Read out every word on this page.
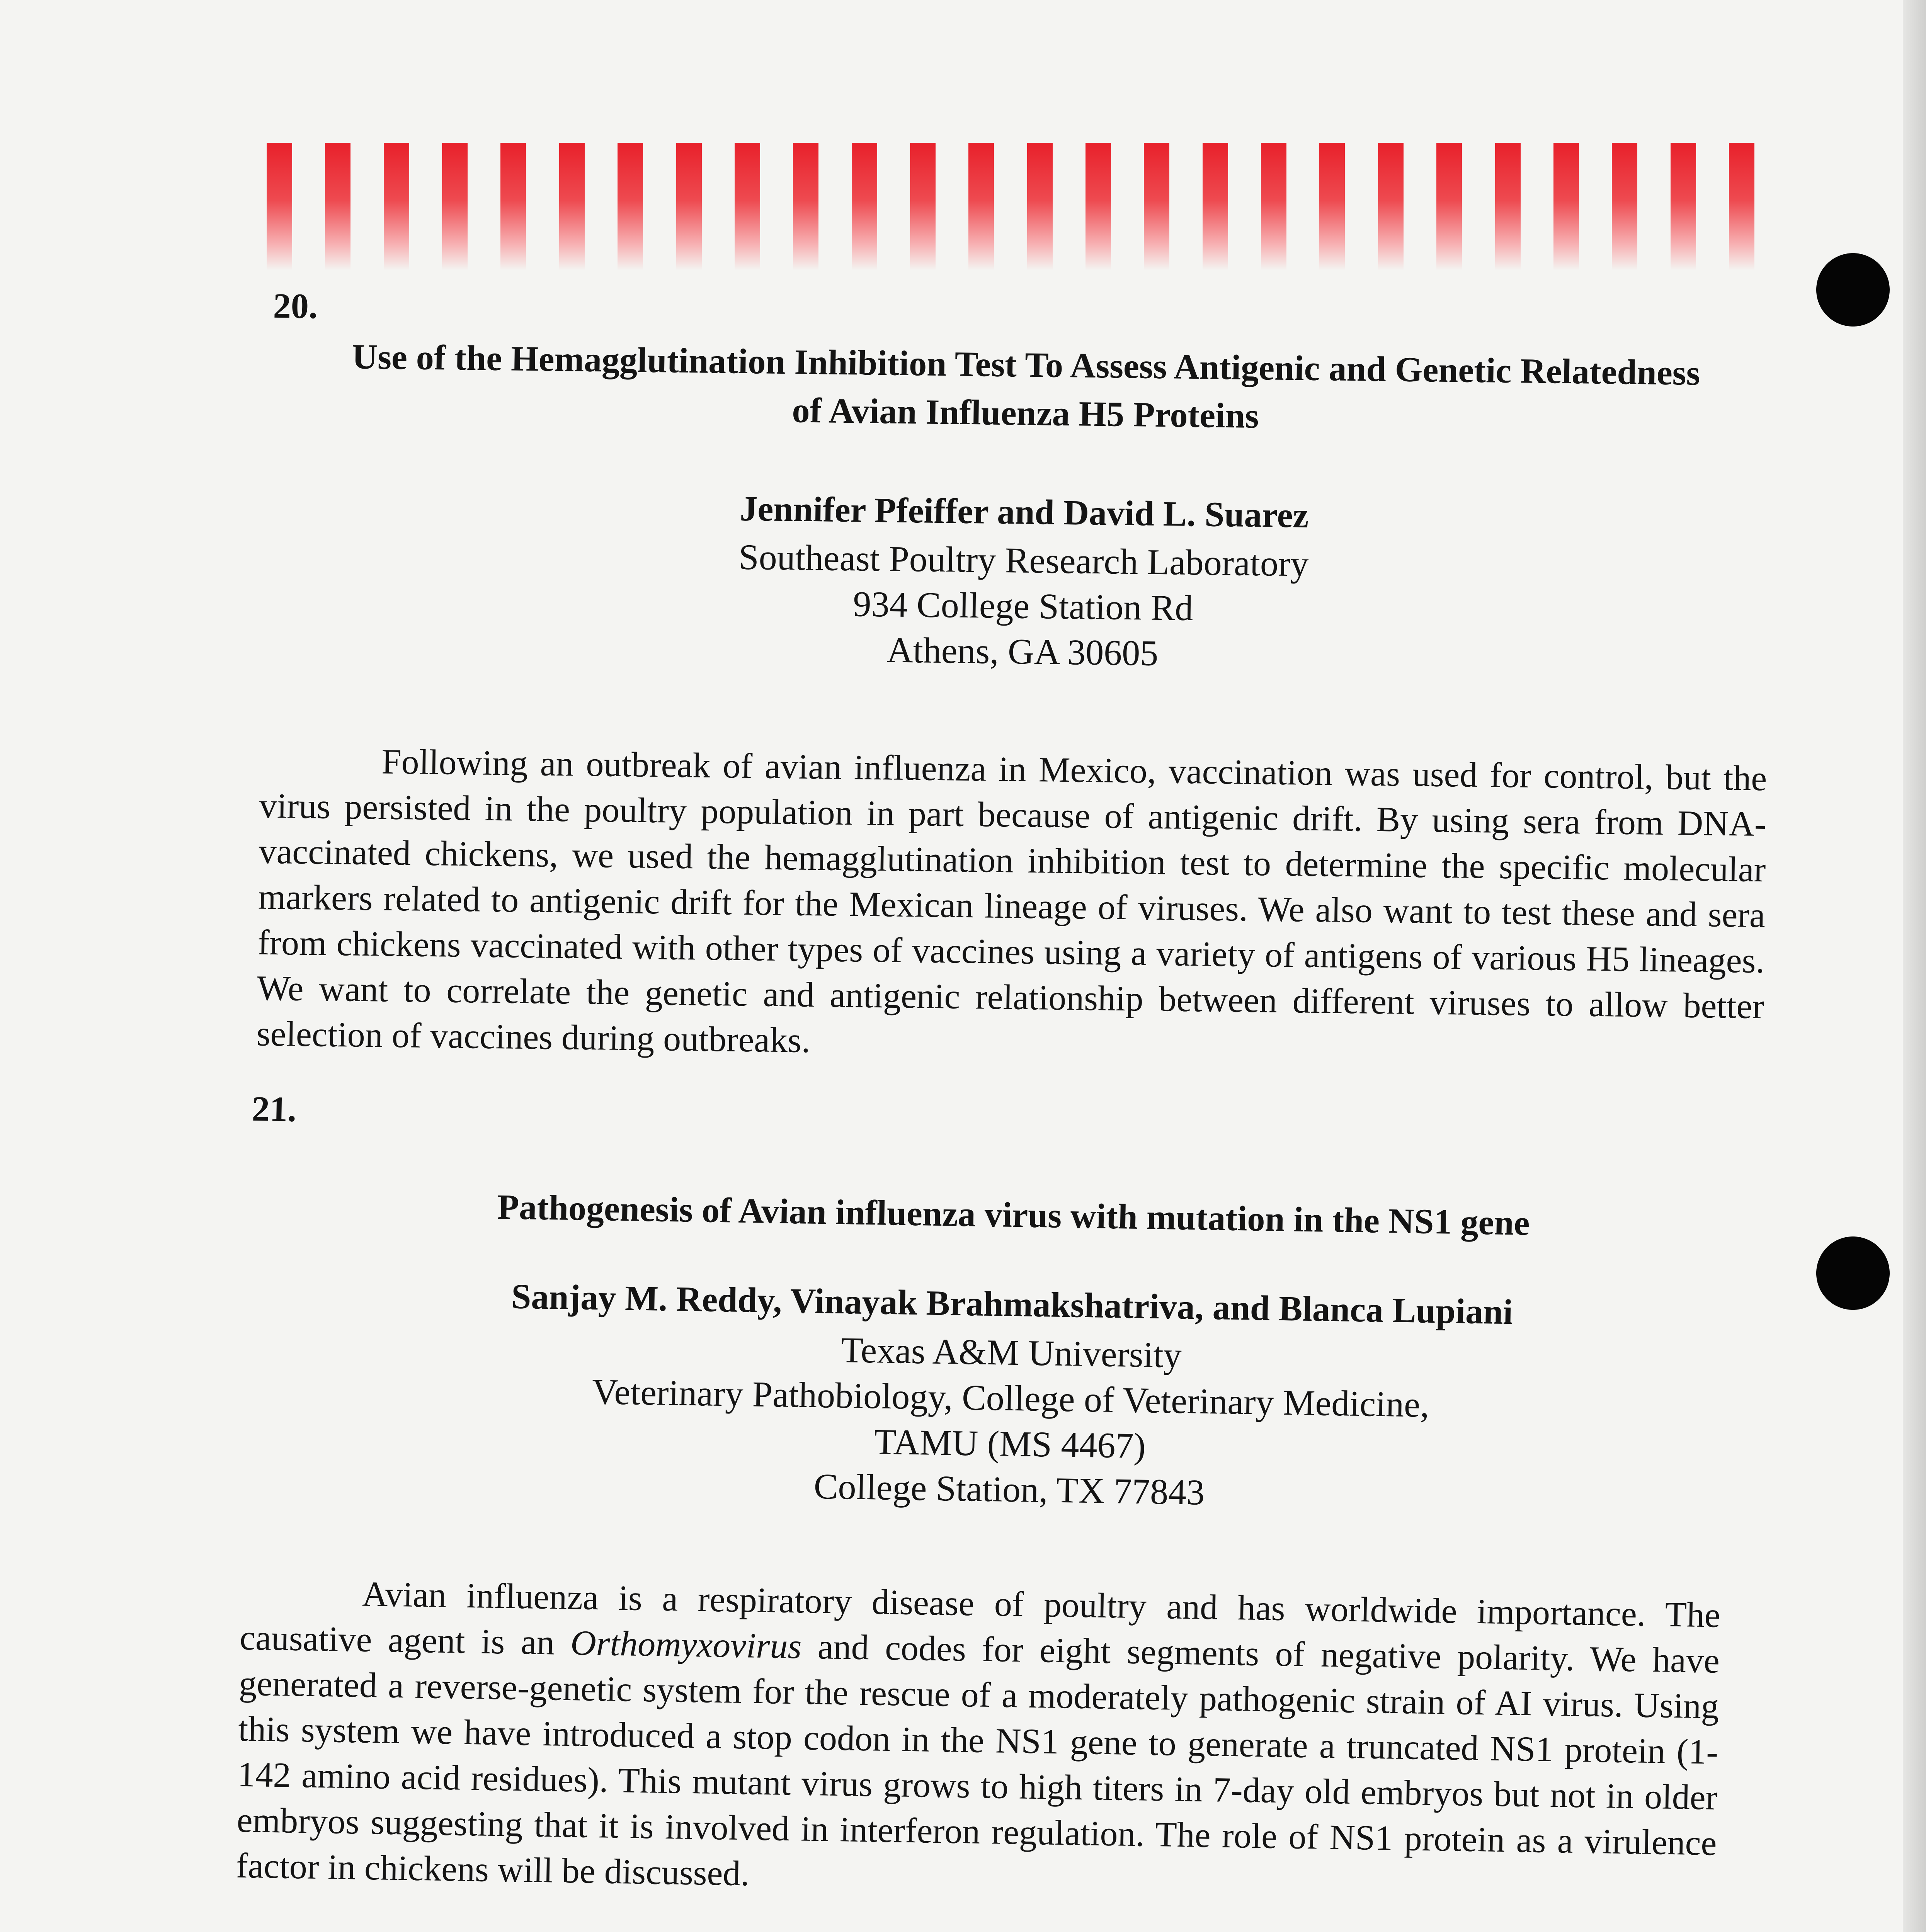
20.
Use of the Hemagglutination Inhibition Test To Assess Antigenic and Genetic Relatedness
of Avian Influenza H5 Proteins
Jennifer Pfeiffer and David L. Suarez
Southeast Poultry Research Laboratory
934 College Station Rd
Athens, GA 30605
Following an outbreak of avian influenza in Mexico, vaccination was used for control, but the virus persisted in the poultry population in part because of antigenic drift. By using sera from DNA-vaccinated chickens, we used the hemagglutination inhibition test to determine the specific molecular markers related to antigenic drift for the Mexican lineage of viruses. We also want to test these and sera from chickens vaccinated with other types of vaccines using a variety of antigens of various H5 lineages. We want to correlate the genetic and antigenic relationship between different viruses to allow better selection of vaccines during outbreaks.
21.
Pathogenesis of Avian influenza virus with mutation in the NS1 gene
Sanjay M. Reddy, Vinayak Brahmakshatriva, and Blanca Lupiani
Texas A&M University
Veterinary Pathobiology, College of Veterinary Medicine,
TAMU (MS 4467)
College Station, TX 77843
Avian influenza is a respiratory disease of poultry and has worldwide importance. The causative agent is an Orthomyxovirus and codes for eight segments of negative polarity. We have generated a reverse-genetic system for the rescue of a moderately pathogenic strain of AI virus. Using this system we have introduced a stop codon in the NS1 gene to generate a truncated NS1 protein (1-142 amino acid residues). This mutant virus grows to high titers in 7-day old embryos but not in older embryos suggesting that it is involved in interferon regulation. The role of NS1 protein as a virulence factor in chickens will be discussed.
